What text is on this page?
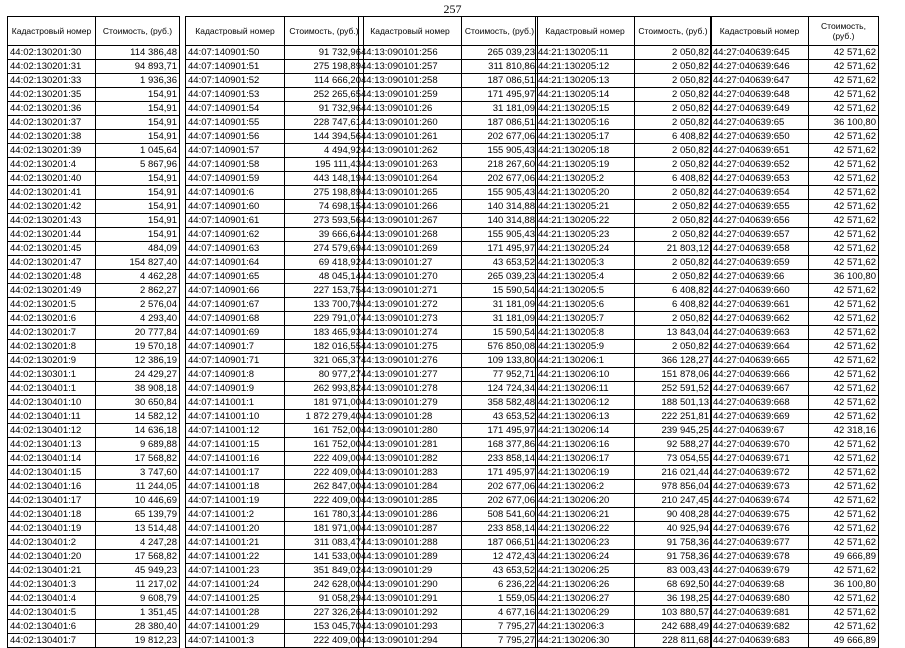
257
Кадастровый номер	Стоимость, (руб.)
44:02:130201:30	114 386,48
44:02:130201:31	94 893,71
44:02:130201:33	1 936,36
44:02:130201:35	154,91
44:02:130201:36	154,91
44:02:130201:37	154,91
44:02:130201:38	154,91
44:02:130201:39	1 045,64
44:02:130201:4	5 867,96
44:02:130201:40	154,91
44:02:130201:41	154,91
44:02:130201:42	154,91
44:02:130201:43	154,91
44:02:130201:44	154,91
44:02:130201:45	484,09
44:02:130201:47	154 827,40
44:02:130201:48	4 462,28
44:02:130201:49	2 862,27
44:02:130201:5	2 576,04
44:02:130201:6	4 293,40
44:02:130201:7	20 777,84
44:02:130201:8	19 570,18
44:02:130201:9	12 386,19
44:02:130301:1	24 429,27
44:02:130401:1	38 908,18
44:02:130401:10	30 650,84
44:02:130401:11	14 582,12
44:02:130401:12	14 636,18
44:02:130401:13	9 689,88
44:02:130401:14	17 568,82
44:02:130401:15	3 747,60
44:02:130401:16	11 244,05
44:02:130401:17	10 446,69
44:02:130401:18	65 139,79
44:02:130401:19	13 514,48
44:02:130401:2	4 247,28
44:02:130401:20	17 568,82
44:02:130401:21	45 949,23
44:02:130401:3	11 217,02
44:02:130401:4	9 608,79
44:02:130401:5	1 351,45
44:02:130401:6	28 380,40
44:02:130401:7	19 812,23
Кадастровый номер	Стоимость, (руб.)
44:07:140901:50	91 732,96
44:07:140901:51	275 198,89
44:07:140901:52	114 666,20
44:07:140901:53	252 265,65
44:07:140901:54	91 732,96
44:07:140901:55	228 747,61
44:07:140901:56	144 394,56
44:07:140901:57	4 494,92
44:07:140901:58	195 111,43
44:07:140901:59	443 148,19
44:07:140901:6	275 198,89
44:07:140901:60	74 698,15
44:07:140901:61	273 593,56
44:07:140901:62	39 666,64
44:07:140901:63	274 579,69
44:07:140901:64	69 418,92
44:07:140901:65	48 045,14
44:07:140901:66	227 153,75
44:07:140901:67	133 700,79
44:07:140901:68	229 791,07
44:07:140901:69	183 465,93
44:07:140901:7	182 016,55
44:07:140901:71	321 065,37
44:07:140901:8	80 977,27
44:07:140901:9	262 993,82
44:07:141001:1	181 971,00
44:07:141001:10	1 872 279,40
44:07:141001:12	161 752,00
44:07:141001:15	161 752,00
44:07:141001:16	222 409,00
44:07:141001:17	222 409,00
44:07:141001:18	262 847,00
44:07:141001:19	222 409,00
44:07:141001:2	161 780,31
44:07:141001:20	181 971,00
44:07:141001:21	311 083,47
44:07:141001:22	141 533,00
44:07:141001:23	351 849,02
44:07:141001:24	242 628,00
44:07:141001:25	91 058,29
44:07:141001:28	227 326,26
44:07:141001:29	153 045,70
44:07:141001:3	222 409,00
Кадастровый номер	Стоимость, (руб.)
44:13:090101:256	265 039,23
44:13:090101:257	311 810,86
44:13:090101:258	187 086,51
44:13:090101:259	171 495,97
44:13:090101:26	31 181,09
44:13:090101:260	187 086,51
44:13:090101:261	202 677,06
44:13:090101:262	155 905,43
44:13:090101:263	218 267,60
44:13:090101:264	202 677,06
44:13:090101:265	155 905,43
44:13:090101:266	140 314,88
44:13:090101:267	140 314,88
44:13:090101:268	155 905,43
44:13:090101:269	171 495,97
44:13:090101:27	43 653,52
44:13:090101:270	265 039,23
44:13:090101:271	15 590,54
44:13:090101:272	31 181,09
44:13:090101:273	31 181,09
44:13:090101:274	15 590,54
44:13:090101:275	576 850,08
44:13:090101:276	109 133,80
44:13:090101:277	77 952,71
44:13:090101:278	124 724,34
44:13:090101:279	358 582,48
44:13:090101:28	43 653,52
44:13:090101:280	171 495,97
44:13:090101:281	168 377,86
44:13:090101:282	233 858,14
44:13:090101:283	171 495,97
44:13:090101:284	202 677,06
44:13:090101:285	202 677,06
44:13:090101:286	508 541,60
44:13:090101:287	233 858,14
44:13:090101:288	187 066,51
44:13:090101:289	12 472,43
44:13:090101:29	43 653,52
44:13:090101:290	6 236,22
44:13:090101:291	1 559,05
44:13:090101:292	4 677,16
44:13:090101:293	7 795,27
44:13:090101:294	7 795,27
Кадастровый номер	Стоимость, (руб.)
44:21:130205:11	2 050,82
44:21:130205:12	2 050,82
44:21:130205:13	2 050,82
44:21:130205:14	2 050,82
44:21:130205:15	2 050,82
44:21:130205:16	2 050,82
44:21:130205:17	6 408,82
44:21:130205:18	2 050,82
44:21:130205:19	2 050,82
44:21:130205:2	6 408,82
44:21:130205:20	2 050,82
44:21:130205:21	2 050,82
44:21:130205:22	2 050,82
44:21:130205:23	2 050,82
44:21:130205:24	21 803,12
44:21:130205:3	2 050,82
44:21:130205:4	2 050,82
44:21:130205:5	6 408,82
44:21:130205:6	6 408,82
44:21:130205:7	2 050,82
44:21:130205:8	13 843,04
44:21:130205:9	2 050,82
44:21:130206:1	366 128,27
44:21:130206:10	151 878,06
44:21:130206:11	252 591,52
44:21:130206:12	188 501,13
44:21:130206:13	222 251,81
44:21:130206:14	239 945,25
44:21:130206:16	92 588,27
44:21:130206:17	73 054,55
44:21:130206:19	216 021,44
44:21:130206:2	978 856,04
44:21:130206:20	210 247,45
44:21:130206:21	90 408,28
44:21:130206:22	40 925,94
44:21:130206:23	91 758,36
44:21:130206:24	91 758,36
44:21:130206:25	83 003,43
44:21:130206:26	68 692,50
44:21:130206:27	36 198,25
44:21:130206:29	103 880,57
44:21:130206:3	242 688,49
44:21:130206:30	228 811,68
Кадастровый номер	Стоимость, (руб.)
44:27:040639:645	42 571,62
44:27:040639:646	42 571,62
44:27:040639:647	42 571,62
44:27:040639:648	42 571,62
44:27:040639:649	42 571,62
44:27:040639:65	36 100,80
44:27:040639:650	42 571,62
44:27:040639:651	42 571,62
44:27:040639:652	42 571,62
44:27:040639:653	42 571,62
44:27:040639:654	42 571,62
44:27:040639:655	42 571,62
44:27:040639:656	42 571,62
44:27:040639:657	42 571,62
44:27:040639:658	42 571,62
44:27:040639:659	42 571,62
44:27:040639:66	36 100,80
44:27:040639:660	42 571,62
44:27:040639:661	42 571,62
44:27:040639:662	42 571,62
44:27:040639:663	42 571,62
44:27:040639:664	42 571,62
44:27:040639:665	42 571,62
44:27:040639:666	42 571,62
44:27:040639:667	42 571,62
44:27:040639:668	42 571,62
44:27:040639:669	42 571,62
44:27:040639:67	42 318,16
44:27:040639:670	42 571,62
44:27:040639:671	42 571,62
44:27:040639:672	42 571,62
44:27:040639:673	42 571,62
44:27:040639:674	42 571,62
44:27:040639:675	42 571,62
44:27:040639:676	42 571,62
44:27:040639:677	42 571,62
44:27:040639:678	49 666,89
44:27:040639:679	42 571,62
44:27:040639:68	36 100,80
44:27:040639:680	42 571,62
44:27:040639:681	42 571,62
44:27:040639:682	42 571,62
44:27:040639:683	49 666,89
